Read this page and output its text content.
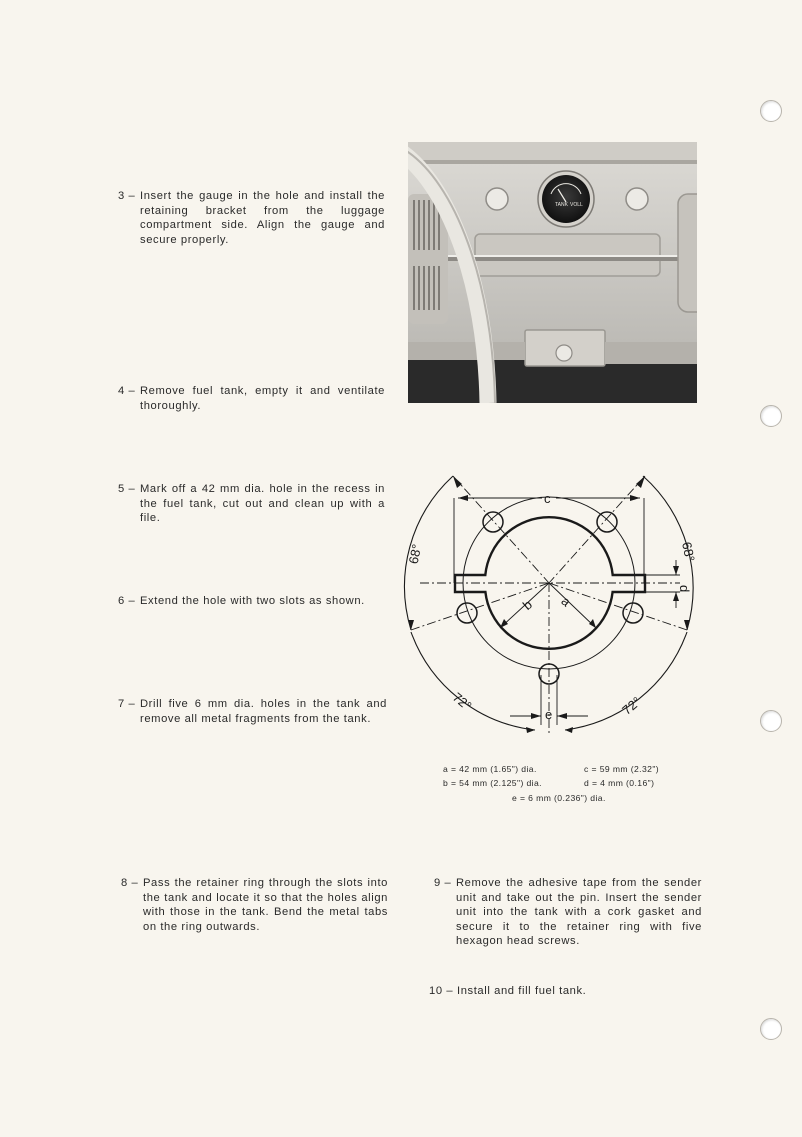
3 – Insert the gauge in the hole and install the retaining bracket from the luggage compartment side. Align the gauge and secure properly.
4 – Remove fuel tank, empty it and ventilate thoroughly.
5 – Mark off a 42 mm dia. hole in the recess in the fuel tank, cut out and clean up with a file.
6 – Extend the hole with two slots as shown.
7 – Drill five 6 mm dia. holes in the tank and remove all metal fragments from the tank.
8 – Pass the retainer ring through the slots into the tank and locate it so that the holes align with those in the tank. Bend the metal tabs on the ring outwards.
9 – Remove the adhesive tape from the sender unit and take out the pin. Insert the sender unit into the tank with a cork gasket and secure it to the retainer ring with five hexagon head screws.
10 – Install and fill fuel tank.
TANK VOLL
c
a
b
d
e
68°	68°
72°	72°
a = 42 mm (1.65") dia.	c = 59 mm (2.32")
b = 54 mm (2.125") dia.	d = 4 mm (0.16")
e = 6 mm (0.236") dia.
